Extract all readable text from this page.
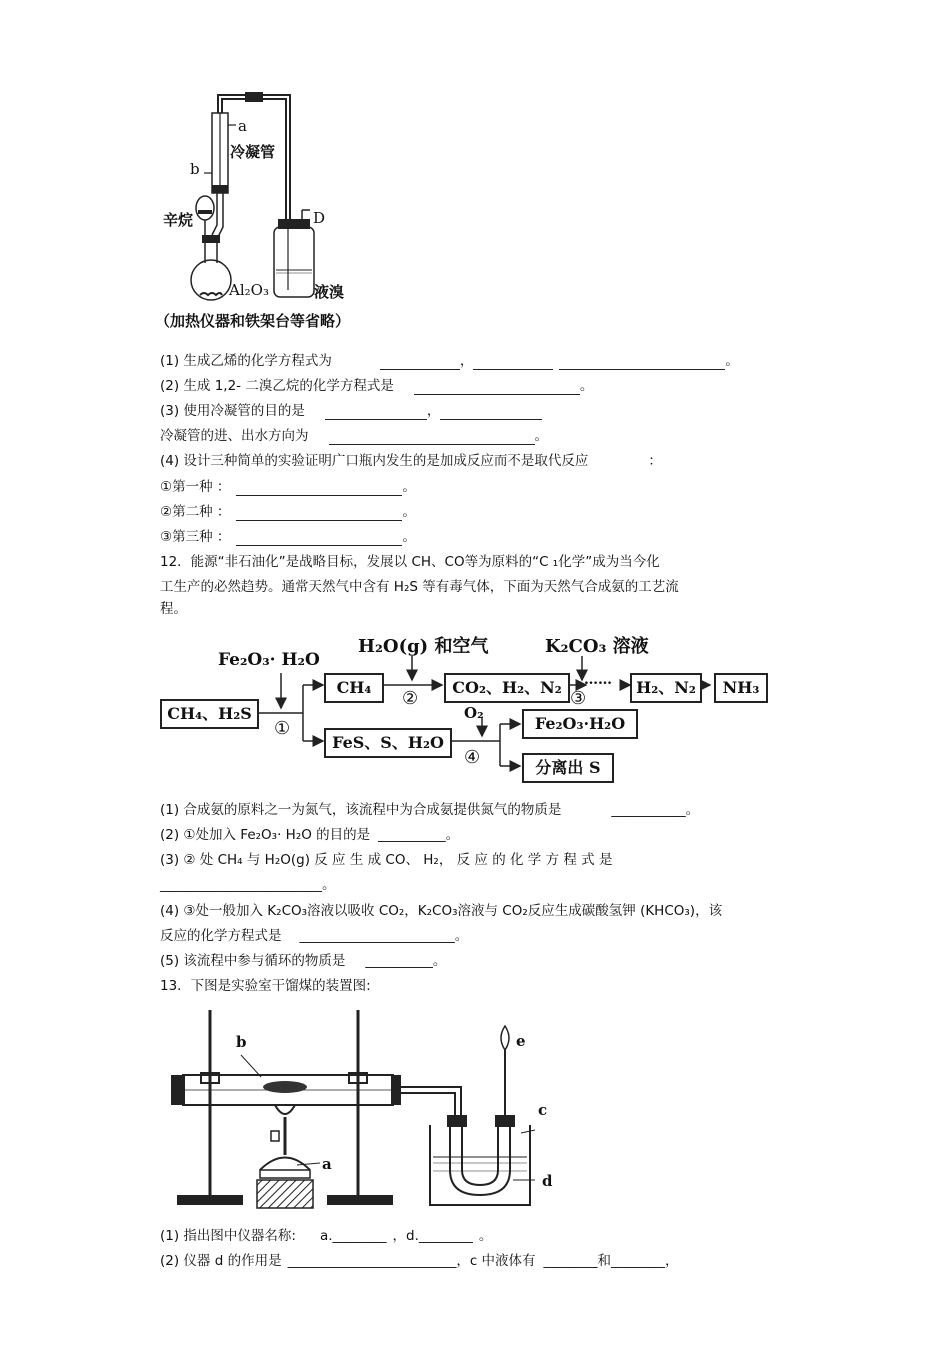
a
b
冷凝管
D
辛烷
Al₂O₃	液溴
（加热仪器和铁架台等省略）
(1) 生成乙烯的化学方程式为	，	。
(2) 生成 1,2- 二溴乙烷的化学方程式是	。
(3) 使用冷凝管的目的是	，
冷凝管的进、出水方向为	。
(4) 设计三种简单的实验证明广口瓶内发生的是加成反应而不是取代反应	：
①第一种 ：	。
②第二种 ：	。
③第三种 ：	。
12．能源“非石油化”是战略目标，发展以 CH、CO等为原料的“C ₁化学”成为当今化
工生产的必然趋势。通常天然气中含有 H₂S 等有毒气体，下面为天然气合成氨的工艺流
程。
Fe₂O₃· H₂O
H₂O(g) 和空气	K₂CO₃ 溶液
O₂
CH₄、H₂S
CH₄	CO₂、H₂、N₂	……	H₂、N₂	NH₃
FeS、S、H₂O
Fe₂O₃·H₂O
分离出 S
①
②	③
④
(1) 合成氨的原料之一为氮气，该流程中为合成氨提供氮气的物质是	___________。
(2) ①处加入 Fe₂O₃· H₂O 的目的是 __________。
(3) ② 处 CH₄ 与 H₂O(g) 反 应 生 成 CO、 H₂， 反 应 的 化 学 方 程 式 是
________________________。
(4) ③处一般加入 K₂CO₃溶液以吸收 CO₂，K₂CO₃溶液与 CO₂反应生成碳酸氢钾 (KHCO₃)，该
反应的化学方程式是 _______________________。
(5) 该流程中参与循环的物质是 __________。
13．下图是实验室干馏煤的装置图:
b
a
e
c
d
(1) 指出图中仪器名称: a.________ ，d.________ 。
(2) 仪器 d 的作用是 _________________________，c 中液体有 ________和________，
